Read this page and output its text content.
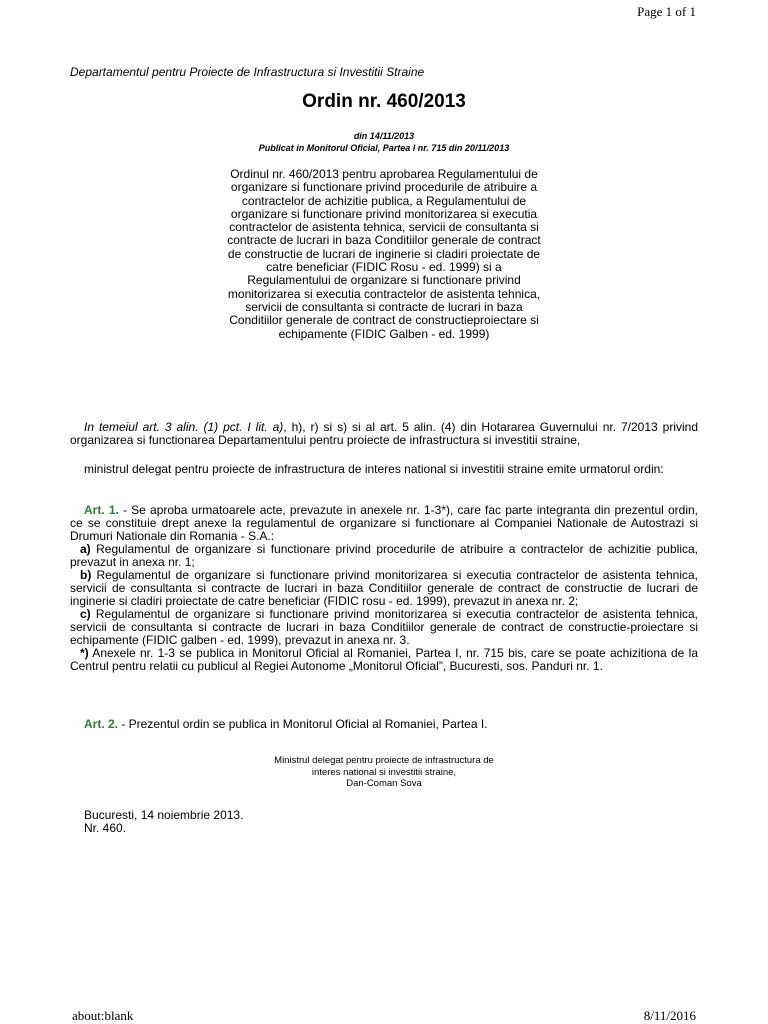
Page 1 of 1
Departamentul pentru Proiecte de Infrastructura si Investitii Straine
Ordin nr. 460/2013
din 14/11/2013
Publicat in Monitorul Oficial, Partea I nr. 715 din 20/11/2013
Ordinul nr. 460/2013 pentru aprobarea Regulamentului de organizare si functionare privind procedurile de atribuire a contractelor de achizitie publica, a Regulamentului de organizare si functionare privind monitorizarea si executia contractelor de asistenta tehnica, servicii de consultanta si contracte de lucrari in baza Conditiilor generale de contract de constructie de lucrari de inginerie si cladiri proiectate de catre beneficiar (FIDIC Rosu - ed. 1999) si a Regulamentului de organizare si functionare privind monitorizarea si executia contractelor de asistenta tehnica, servicii de consultanta si contracte de lucrari in baza Conditiilor generale de contract de constructieproiectare si echipamente (FIDIC Galben - ed. 1999)
In temeiul art. 3 alin. (1) pct. I lit. a), h), r) si s) si al art. 5 alin. (4) din Hotararea Guvernului nr. 7/2013 privind organizarea si functionarea Departamentului pentru proiecte de infrastructura si investitii straine,
ministrul delegat pentru proiecte de infrastructura de interes national si investitii straine emite urmatorul ordin:
Art. 1. - Se aproba urmatoarele acte, prevazute in anexele nr. 1-3*), care fac parte integranta din prezentul ordin, ce se constituie drept anexe la regulamentul de organizare si functionare al Companiei Nationale de Autostrazi si Drumuri Nationale din Romania - S.A.:
a) Regulamentul de organizare si functionare privind procedurile de atribuire a contractelor de achizitie publica, prevazut in anexa nr. 1;
b) Regulamentul de organizare si functionare privind monitorizarea si executia contractelor de asistenta tehnica, servicii de consultanta si contracte de lucrari in baza Conditiilor generale de contract de constructie de lucrari de inginerie si cladiri proiectate de catre beneficiar (FIDIC rosu - ed. 1999), prevazut in anexa nr. 2;
c) Regulamentul de organizare si functionare privind monitorizarea si executia contractelor de asistenta tehnica, servicii de consultanta si contracte de lucrari in baza Conditiilor generale de contract de constructie-proiectare si echipamente (FIDIC galben - ed. 1999), prevazut in anexa nr. 3.
*) Anexele nr. 1-3 se publica in Monitorul Oficial al Romaniei, Partea I, nr. 715 bis, care se poate achizitiona de la Centrul pentru relatii cu publicul al Regiei Autonome „Monitorul Oficial”, Bucuresti, sos. Panduri nr. 1.
Art. 2. - Prezentul ordin se publica in Monitorul Oficial al Romaniei, Partea I.
Ministrul delegat pentru proiecte de infrastructura de
interes national si investitii straine,
Dan-Coman Sova
Bucuresti, 14 noiembrie 2013.
Nr. 460.
about:blank	8/11/2016
